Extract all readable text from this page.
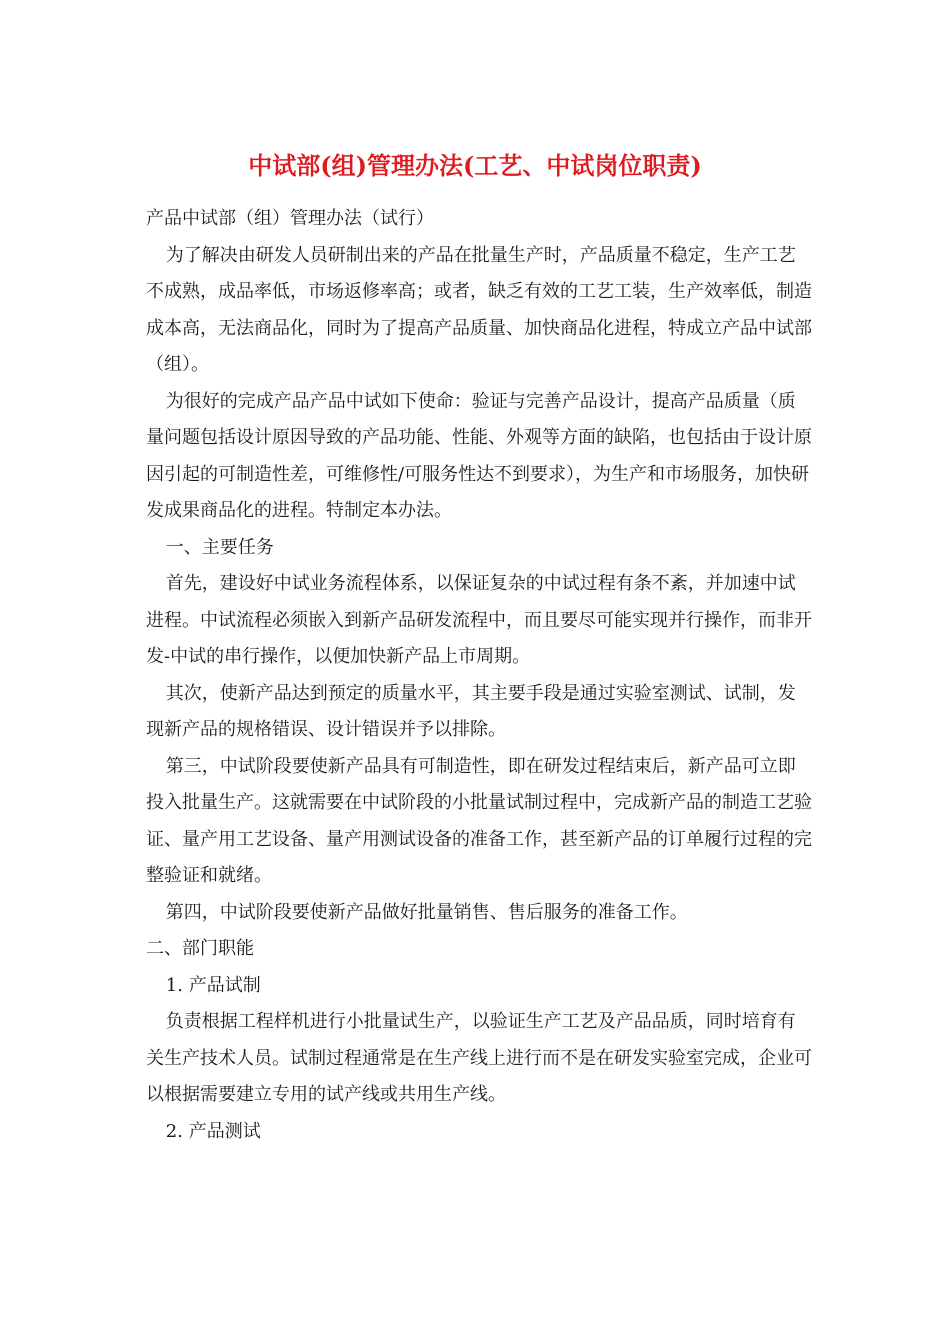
中试部(组)管理办法(工艺、中试岗位职责)

产品中试部（组）管理办法（试行）

为了解决由研发人员研制出来的产品在批量生产时，产品质量不稳定，生产工艺不成熟，成品率低，市场返修率高；或者，缺乏有效的工艺工装，生产效率低，制造成本高，无法商品化，同时为了提高产品质量、加快商品化进程，特成立产品中试部（组）。

为很好的完成产品产品中试如下使命：验证与完善产品设计，提高产品质量（质量问题包括设计原因导致的产品功能、性能、外观等方面的缺陷，也包括由于设计原因引起的可制造性差，可维修性/可服务性达不到要求），为生产和市场服务，加快研发成果商品化的进程。特制定本办法。

一、主要任务

首先，建设好中试业务流程体系，以保证复杂的中试过程有条不紊，并加速中试进程。中试流程必须嵌入到新产品研发流程中，而且要尽可能实现并行操作，而非开发-中试的串行操作，以便加快新产品上市周期。

其次，使新产品达到预定的质量水平，其主要手段是通过实验室测试、试制，发现新产品的规格错误、设计错误并予以排除。

第三，中试阶段要使新产品具有可制造性，即在研发过程结束后，新产品可立即投入批量生产。这就需要在中试阶段的小批量试制过程中，完成新产品的制造工艺验证、量产用工艺设备、量产用测试设备的准备工作，甚至新产品的订单履行过程的完整验证和就绪。

第四，中试阶段要使新产品做好批量销售、售后服务的准备工作。

二、部门职能

1. 产品试制

负责根据工程样机进行小批量试生产，以验证生产工艺及产品品质，同时培育有关生产技术人员。试制过程通常是在生产线上进行而不是在研发实验室完成，企业可以根据需要建立专用的试产线或共用生产线。

2. 产品测试
